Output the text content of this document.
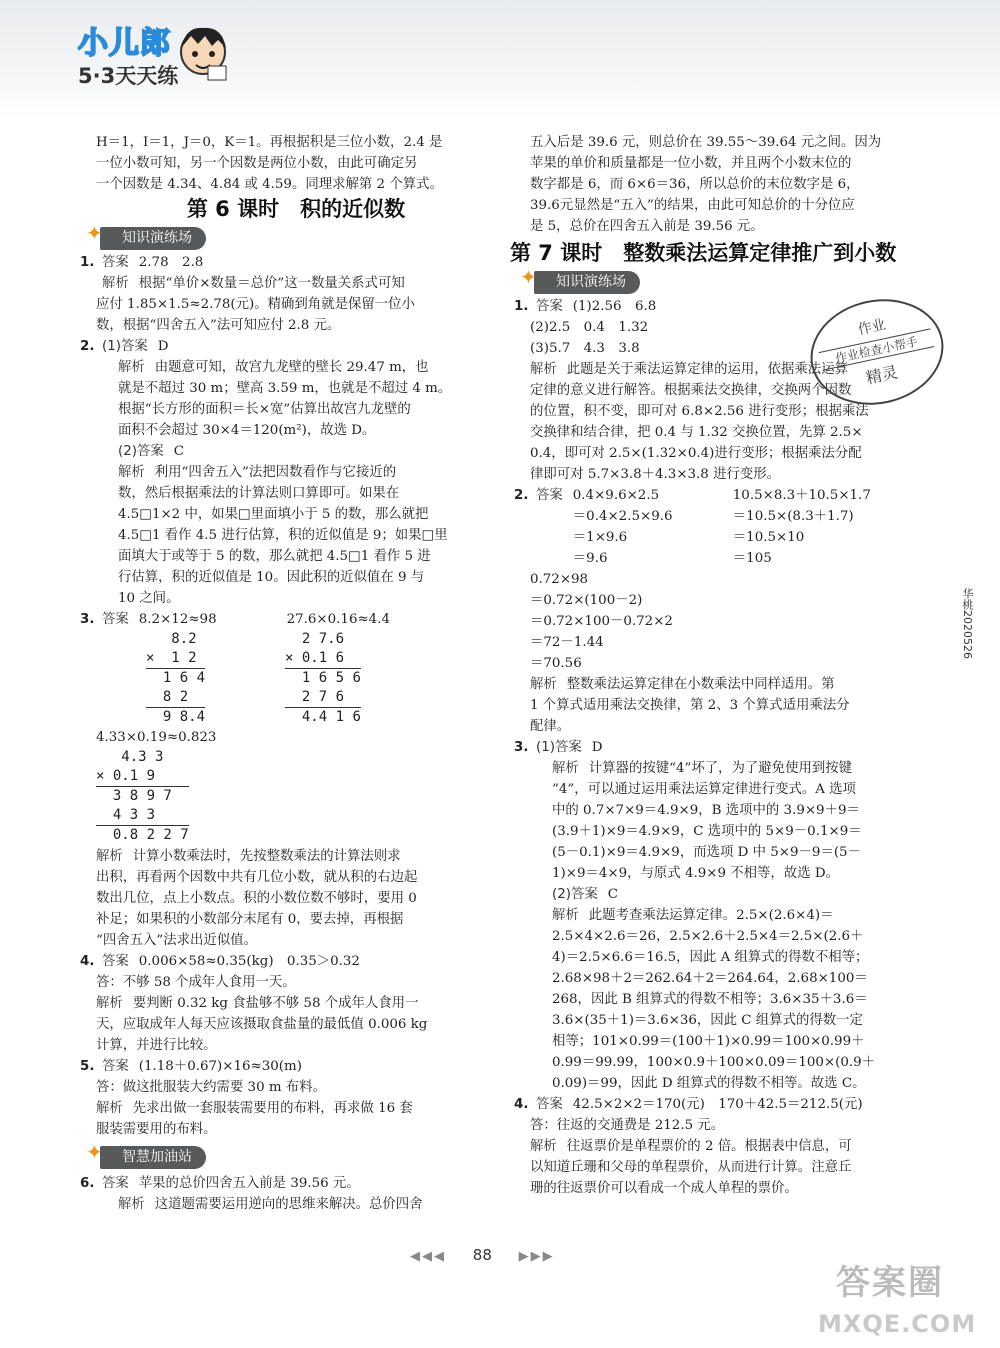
小儿郎
5·3天天练

H＝1，I＝1，J＝0，K＝1。再根据积是三位小数，2.4 是

一位小数可知，另一个因数是两位小数，由此可确定另

一个因数是 4.34、4.84 或 4.59。同理求解第 2 个算式。

第 6 课时　积的近似数
✦ 知识演练场

1. 答案 2.78　2.8

解析 根据“单价×数量＝总价”这一数量关系式可知

应付 1.85×1.5≈2.78(元)。精确到角就是保留一位小

数，根据“四舍五入”法可知应付 2.8 元。

2. (1)答案 D

解析 由题意可知，故宫九龙壁的壁长 29.47 m，也

就是不超过 30 m；壁高 3.59 m，也就是不超过 4 m。

根据“长方形的面积＝长×宽”估算出故宫九龙壁的

面积不会超过 30×4＝120(m²)，故选 D。

(2)答案 C

解析 利用“四舍五入”法把因数看作与它接近的

数，然后根据乘法的计算法则口算即可。如果在

4.5□1×2 中，如果□里面填小于 5 的数，那么就把

4.5□1 看作 4.5 进行估算，积的近似值是 9；如果□里

面填大于或等于 5 的数，那么就把 4.5□1 看作 5 进

行估算，积的近似值是 10。因此积的近似值在 9 与

10 之间。

3. 答案 8.2×12≈98	27.6×0.16≈4.4

8.2
×  1 2
1 6 4
8 2
9 8.4
2 7.6
× 0.1 6
1 6 5 6
2 7 6
4.4 1 6

4.33×0.19≈0.823

4.3 3
× 0.1 9
3 8 9 7
4 3 3
0.8 2 2 7

解析 计算小数乘法时，先按整数乘法的计算法则求

出积，再看两个因数中共有几位小数，就从积的右边起

数出几位，点上小数点。积的小数位数不够时，要用 0

补足；如果积的小数部分末尾有 0，要去掉，再根据

“四舍五入”法求出近似值。

4. 答案 0.006×58≈0.35(kg)　0.35＞0.32

答：不够 58 个成年人食用一天。

解析 要判断 0.32 kg 食盐够不够 58 个成年人食用一

天，应取成年人每天应该摄取食盐量的最低值 0.006 kg

计算，并进行比较。

5. 答案 (1.18＋0.67)×16≈30(m)

答：做这批服装大约需要 30 m 布料。

解析 先求出做一套服装需要用的布料，再求做 16 套

服装需要用的布料。

✦ 智慧加油站

6. 答案 苹果的总价四舍五入前是 39.56 元。

解析 这道题需要运用逆向的思维来解决。总价四舍

五入后是 39.6 元，则总价在 39.55～39.64 元之间。因为

苹果的单价和质量都是一位小数，并且两个小数末位的

数字都是 6，而 6×6＝36，所以总价的末位数字是 6，

39.6元显然是“五入”的结果，由此可知总价的十分位应

是 5，总价在四舍五入前是 39.56 元。

第 7 课时　整数乘法运算定律推广到小数
✦ 知识演练场

1. 答案 (1)2.56　6.8

(2)2.5　0.4　1.32

(3)5.7　4.3　3.8

解析 此题是关于乘法运算定律的运用，依据乘法运算

定律的意义进行解答。根据乘法交换律，交换两个因数

的位置，积不变，即可对 6.8×2.56 进行变形；根据乘法

交换律和结合律，把 0.4 与 1.32 交换位置，先算 2.5×

0.4，即可对 2.5×(1.32×0.4)进行变形；根据乘法分配

律即可对 5.7×3.8＋4.3×3.8 进行变形。

2. 答案 0.4×9.6×2.5

＝0.4×2.5×9.6

＝1×9.6

＝9.6

10.5×8.3＋10.5×1.7

＝10.5×(8.3＋1.7)

＝10.5×10

＝105

0.72×98

＝0.72×(100－2)

＝0.72×100－0.72×2

＝72－1.44

＝70.56

解析 整数乘法运算定律在小数乘法中同样适用。第

1 个算式适用乘法交换律，第 2、3 个算式适用乘法分

配律。

3. (1)答案 D

解析 计算器的按键“4”坏了，为了避免使用到按键

“4”，可以通过运用乘法运算定律进行变式。A 选项

中的 0.7×7×9＝4.9×9，B 选项中的 3.9×9＋9＝

(3.9＋1)×9＝4.9×9，C 选项中的 5×9－0.1×9＝

(5－0.1)×9＝4.9×9，而选项 D 中 5×9－9＝(5－

1)×9＝4×9，与原式 4.9×9 不相等，故选 D。

(2)答案 C

解析 此题考查乘法运算定律。2.5×(2.6×4)＝

2.5×4×2.6＝26，2.5×2.6＋2.5×4＝2.5×(2.6＋

4)＝2.5×6.6＝16.5，因此 A 组算式的得数不相等；

2.68×98＋2＝262.64＋2＝264.64，2.68×100＝

268，因此 B 组算式的得数不相等；3.6×35＋3.6＝

3.6×(35＋1)＝3.6×36，因此 C 组算式的得数一定

相等；101×0.99＝(100＋1)×0.99＝100×0.99＋

0.99＝99.99，100×0.9＋100×0.09＝100×(0.9＋

0.09)＝99，因此 D 组算式的得数不相等。故选 C。

4. 答案 42.5×2×2＝170(元)　170＋42.5＝212.5(元)

答：往返的交通费是 212.5 元。

解析 往返票价是单程票价的 2 倍。根据表中信息，可

以知道丘珊和父母的单程票价，从而进行计算。注意丘

珊的往返票价可以看成一个成人单程的票价。

作业
作业检查小帮手
精灵
华桃2020526
◀◀◀ 88 ▶▶▶
答案圈
MXQE.COM
